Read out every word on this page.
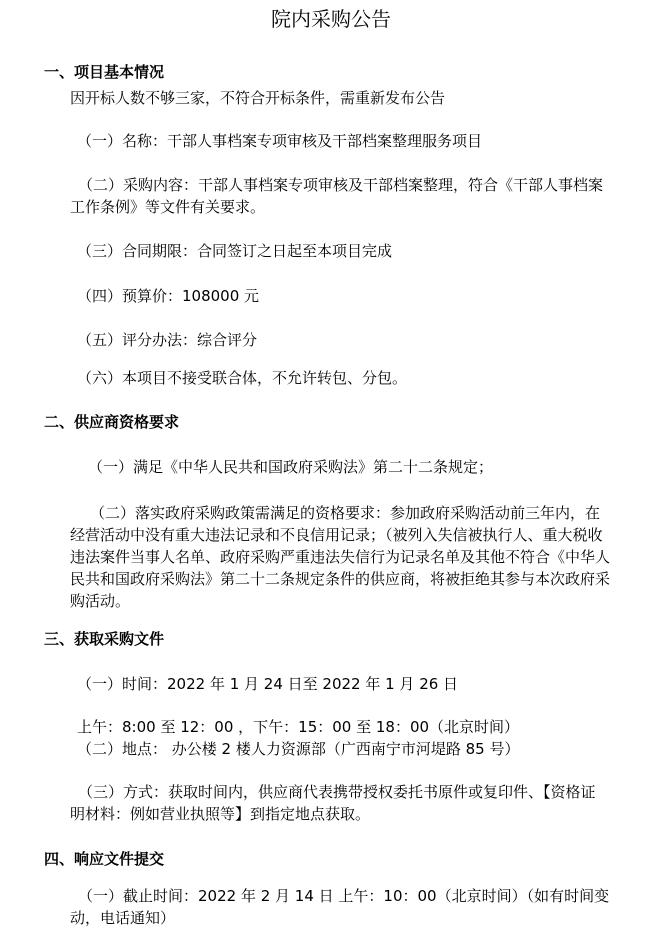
院内采购公告
一、项目基本情况
因开标人数不够三家，不符合开标条件，需重新发布公告
（一）名称：干部人事档案专项审核及干部档案整理服务项目
（二）采购内容：干部人事档案专项审核及干部档案整理，符合《干部人事档案工作条例》等文件有关要求。
（三）合同期限：合同签订之日起至本项目完成
（四）预算价：108000 元
（五）评分办法：综合评分
（六）本项目不接受联合体，不允许转包、分包。
二、供应商资格要求
（一）满足《中华人民共和国政府采购法》第二十二条规定；
（二）落实政府采购政策需满足的资格要求：参加政府采购活动前三年内，在经营活动中没有重大违法记录和不良信用记录；（被列入失信被执行人、重大税收违法案件当事人名单、政府采购严重违法失信行为记录名单及其他不符合《中华人民共和国政府采购法》第二十二条规定条件的供应商，将被拒绝其参与本次政府采购活动。
三、获取采购文件
（一）时间：2022 年 1 月 24 日至 2022 年 1 月 26 日
上午：8:00 至 12：00 ，下午：15：00 至 18：00（北京时间）
（二）地点： 办公楼 2 楼人力资源部（广西南宁市河堤路 85 号）
（三）方式：获取时间内，供应商代表携带授权委托书原件或复印件、【资格证明材料：例如营业执照等】到指定地点获取。
四、响应文件提交
（一）截止时间：2022 年 2 月 14 日 上午：10：00（北京时间）（如有时间变动，电话通知）
